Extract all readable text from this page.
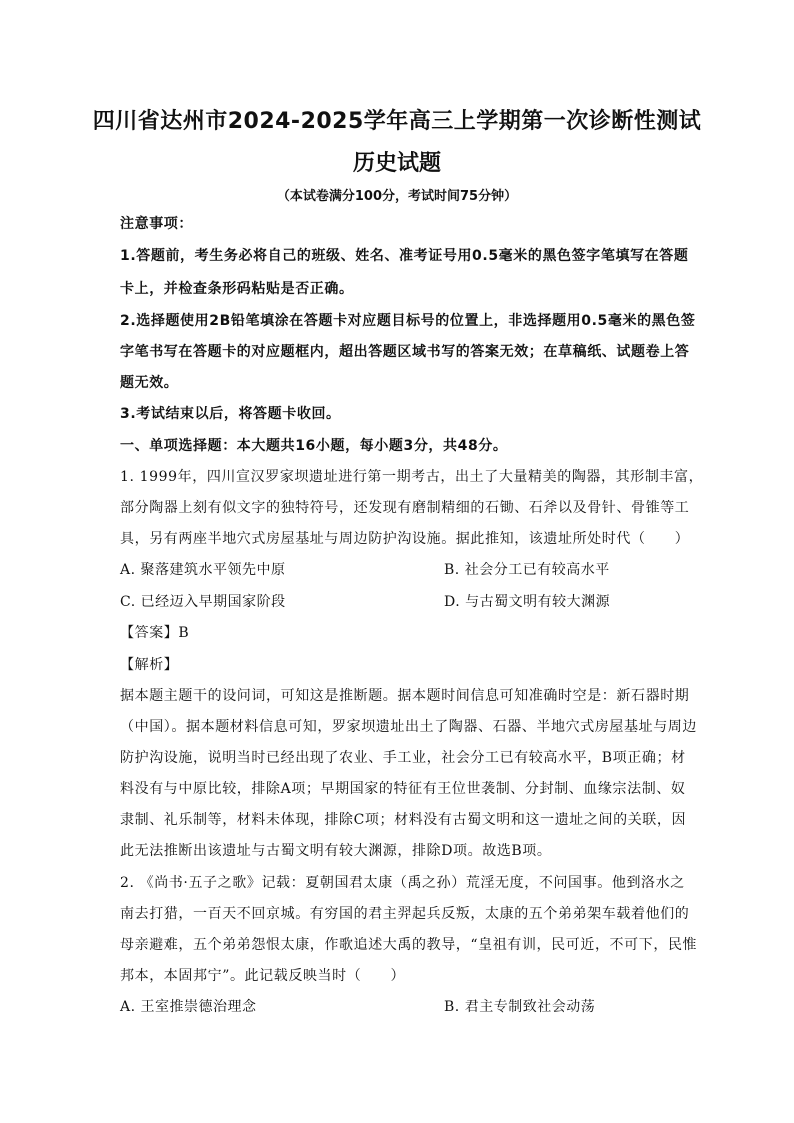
四川省达州市2024-2025学年高三上学期第一次诊断性测试
历史试题
（本试卷满分100分，考试时间75分钟）
注意事项：
1.答题前，考生务必将自己的班级、姓名、准考证号用0.5毫米的黑色签字笔填写在答题
卡上，并检查条形码粘贴是否正确。
2.选择题使用2B铅笔填涂在答题卡对应题目标号的位置上，非选择题用0.5毫米的黑色签
字笔书写在答题卡的对应题框内，超出答题区域书写的答案无效；在草稿纸、试题卷上答
题无效。
3.考试结束以后，将答题卡收回。
一、单项选择题：本大题共16小题，每小题3分，共48分。
1. 1999年，四川宣汉罗家坝遗址进行第一期考古，出土了大量精美的陶器，其形制丰富，
部分陶器上刻有似文字的独特符号，还发现有磨制精细的石锄、石斧以及骨针、骨锥等工
具，另有两座半地穴式房屋基址与周边防护沟设施。据此推知，该遗址所处时代（　　）
A. 聚落建筑水平领先中原	B. 社会分工已有较高水平
C. 已经迈入早期国家阶段	D. 与古蜀文明有较大渊源
【答案】B
【解析】
据本题主题干的设问词，可知这是推断题。据本题时间信息可知准确时空是：新石器时期
（中国）。据本题材料信息可知，罗家坝遗址出土了陶器、石器、半地穴式房屋基址与周边
防护沟设施，说明当时已经出现了农业、手工业，社会分工已有较高水平，B项正确；材
料没有与中原比较，排除A项；早期国家的特征有王位世袭制、分封制、血缘宗法制、奴
隶制、礼乐制等，材料未体现，排除C项；材料没有古蜀文明和这一遗址之间的关联，因
此无法推断出该遗址与古蜀文明有较大渊源，排除D项。故选B项。
2. 《尚书·五子之歌》记载：夏朝国君太康（禹之孙）荒淫无度，不问国事。他到洛水之
南去打猎，一百天不回京城。有穷国的君主羿起兵反叛，太康的五个弟弟架车载着他们的
母亲避难，五个弟弟怨恨太康，作歌追述大禹的教导，“皇祖有训，民可近，不可下，民惟
邦本，本固邦宁”。此记载反映当时（　　）
A. 王室推崇德治理念	B. 君主专制致社会动荡
